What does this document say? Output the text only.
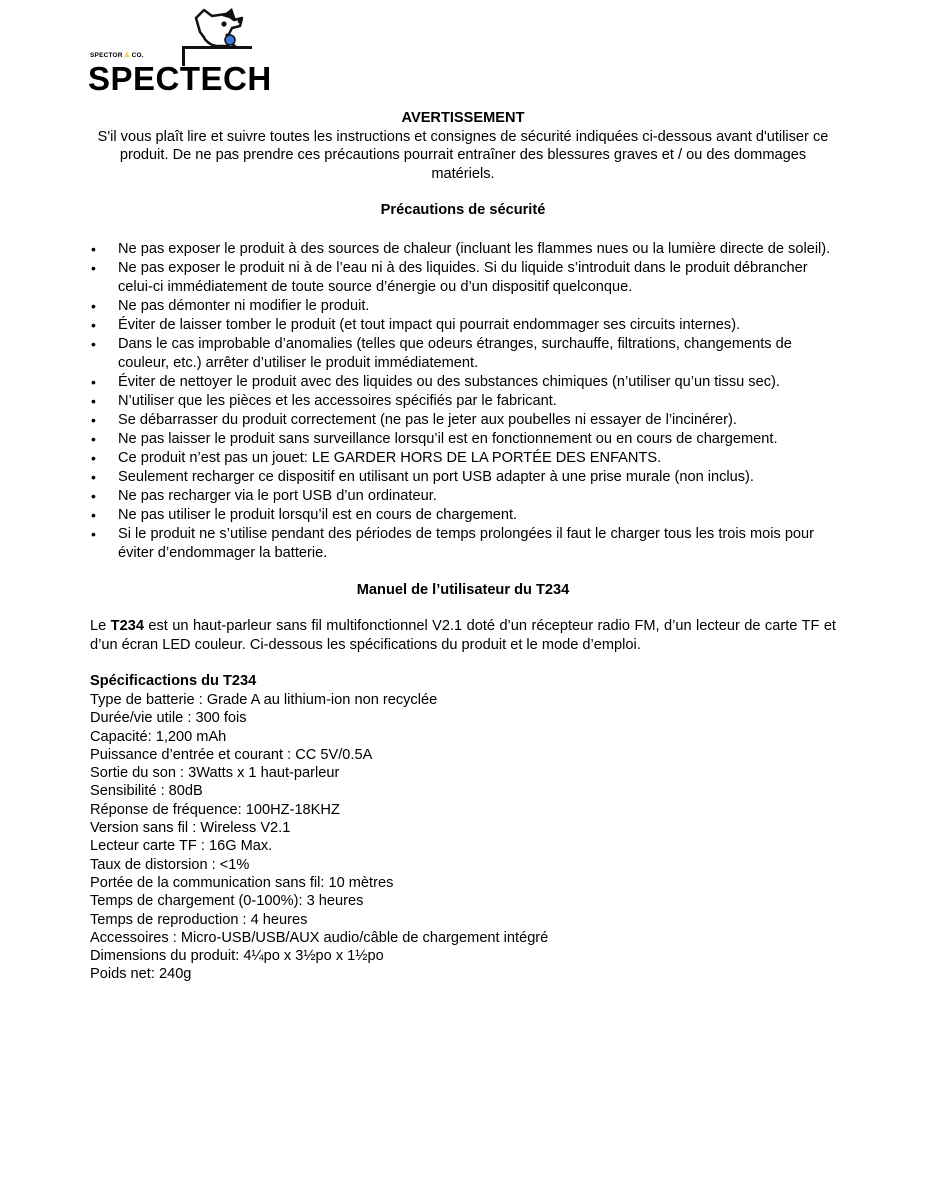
SPECTOR & CO.
SPECTECH
AVERTISSEMENT
S'il vous plaît lire et suivre toutes les instructions et consignes de sécurité indiquées ci-dessous avant d'utiliser ce produit. De ne pas prendre ces précautions pourrait entraîner des blessures graves et / ou des dommages matériels.
Précautions de sécurité
• Ne pas exposer le produit à des sources de chaleur (incluant les flammes nues ou la lumière directe de soleil).
• Ne pas exposer le produit ni à de l’eau ni à des liquides. Si du liquide s’introduit dans le produit débrancher celui-ci immédiatement de toute source d’énergie ou d’un dispositif quelconque.
• Ne pas démonter ni modifier le produit.
• Éviter de laisser tomber le produit (et tout impact qui pourrait endommager ses circuits internes).
• Dans le cas improbable d’anomalies (telles que odeurs étranges, surchauffe, filtrations, changements de couleur, etc.) arrêter d’utiliser le produit immédiatement.
• Éviter de nettoyer le produit avec des liquides ou des substances chimiques (n’utiliser qu’un tissu sec).
• N’utiliser que les pièces et les accessoires spécifiés par le fabricant.
• Se débarrasser du produit correctement (ne pas le jeter aux poubelles ni essayer de l’incinérer).
• Ne pas laisser le produit sans surveillance lorsqu’il est en fonctionnement ou en cours de chargement.
• Ce produit n’est pas un jouet: LE GARDER HORS DE LA PORTÉE DES ENFANTS.
• Seulement recharger ce dispositif en utilisant un port USB adapter à une prise murale (non inclus).
• Ne pas recharger via le port USB d’un ordinateur.
• Ne pas utiliser le produit lorsqu’il est en cours de chargement.
• Si le produit ne s’utilise pendant des périodes de temps prolongées il faut le charger tous les trois mois pour éviter d’endommager la batterie.
Manuel de l’utilisateur du T234
Le T234 est un haut-parleur sans fil multifonctionnel V2.1 doté d’un récepteur radio FM, d’un lecteur de carte TF et d’un écran LED couleur. Ci-dessous les spécifications du produit et le mode d’emploi.
Spécificactions du T234
Type de batterie : Grade A au lithium-ion non recyclée
Durée/vie utile : 300 fois
Capacité: 1,200 mAh
Puissance d’entrée et courant : CC 5V/0.5A
Sortie du son : 3Watts x 1 haut-parleur
Sensibilité : 80dB
Réponse de fréquence: 100HZ-18KHZ
Version sans fil : Wireless V2.1
Lecteur carte TF : 16G Max.
Taux de distorsion : <1%
Portée de la communication sans fil: 10 mètres
Temps de chargement (0-100%): 3 heures
Temps de reproduction : 4 heures
Accessoires : Micro-USB/USB/AUX audio/câble de chargement intégré
Dimensions du produit: 4¼po x 3½po x 1½po
Poids net: 240g
